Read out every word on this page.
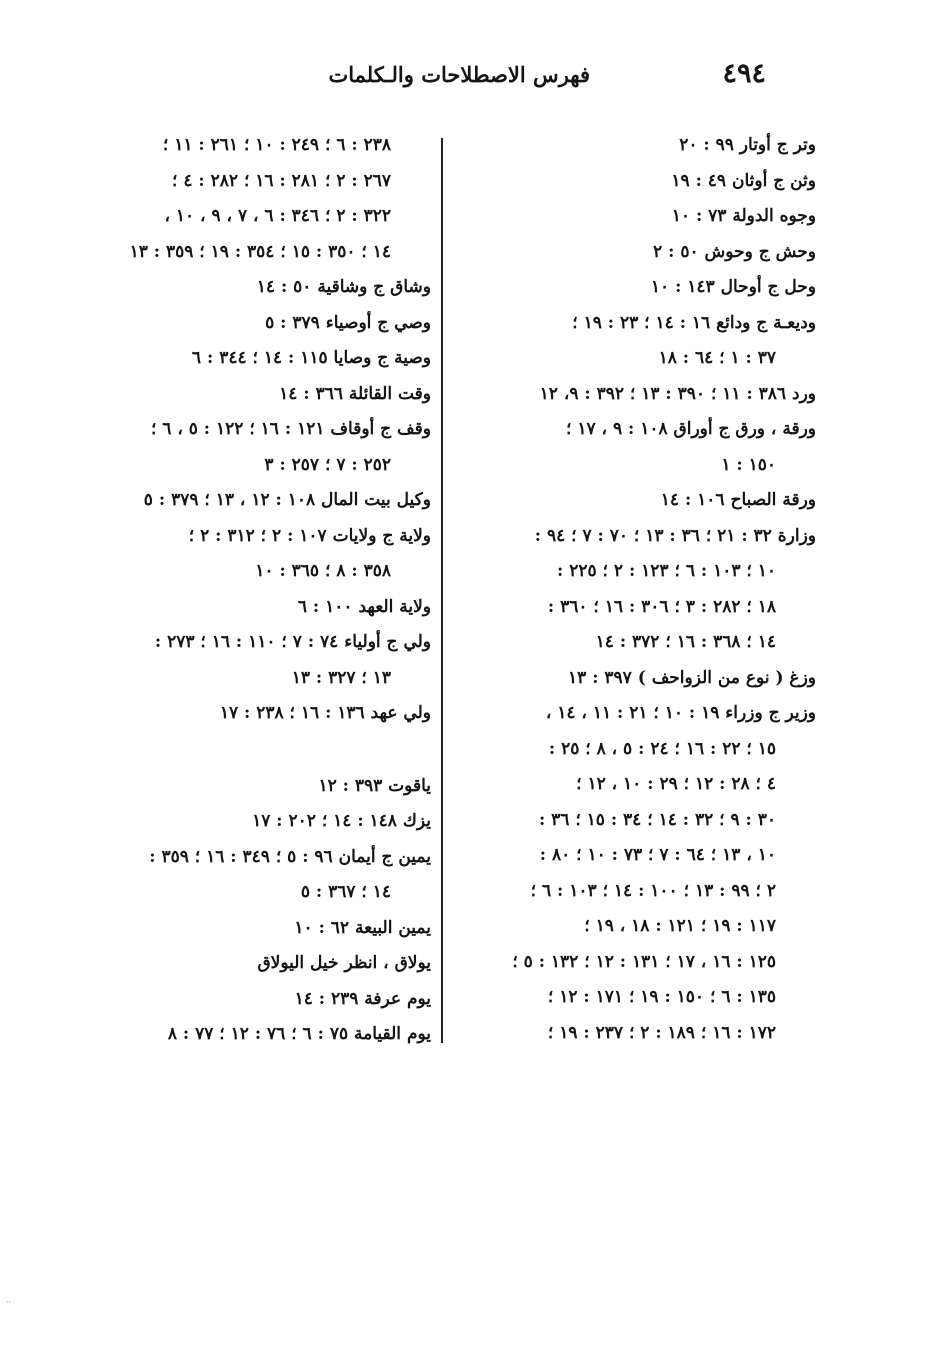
٤٩٤
فهرس الاصطلاحات والـكلمات
وتر ج أوتار ٩٩ : ٢٠
وثن ج أوثان ٤٩ : ١٩
وجوه الدولة ٧٣ : ١٠
وحش ج وحوش ٥٠ : ٢
وحل ج أوحال ١٤٣ : ١٠
وديعـة ج ودائع ١٦ : ١٤ ؛ ٢٣ : ١٩ ؛
٣٧ : ١ ؛ ٦٤ : ١٨
ورد ٣٨٦ : ١١ ؛ ٣٩٠ : ١٣ ؛ ٣٩٢ : ٩، ١٢
ورقة ، ورق ج أوراق ١٠٨ : ٩ ، ١٧ ؛
١٥٠ : ١
ورقة الصباح ١٠٦ : ١٤
وزارة ٣٢ : ٢١ ؛ ٣٦ : ١٣ ؛ ٧٠ : ٧ ؛ ٩٤ :
١٠ ؛ ١٠٣ : ٦ ؛ ١٢٣ : ٢ ؛ ٢٢٥ :
١٨ ؛ ٢٨٢ : ٣ ؛ ٣٠٦ : ١٦ ؛ ٣٦٠ :
١٤ ؛ ٣٦٨ : ١٦ ؛ ٣٧٢ : ١٤
وزغ ( نوع من الزواحف ) ٣٩٧ : ١٣
وزير ج وزراء ١٩ : ١٠ ؛ ٢١ : ١١ ، ١٤ ،
١٥ ؛ ٢٢ : ١٦ ؛ ٢٤ : ٥ ، ٨ ؛ ٢٥ :
٤ ؛ ٢٨ : ١٢ ؛ ٢٩ : ١٠ ، ١٢ ؛
٣٠ : ٩ ؛ ٣٢ : ١٤ ؛ ٣٤ : ١٥ ؛ ٣٦ :
١٠ ، ١٣ ؛ ٦٤ : ٧ ؛ ٧٣ : ١٠ ؛ ٨٠ :
٢ ؛ ٩٩ : ١٣ ؛ ١٠٠ : ١٤ ؛ ١٠٣ : ٦ ؛
١١٧ : ١٩ ؛ ١٢١ : ١٨ ، ١٩ ؛
١٢٥ : ١٦ ، ١٧ ؛ ١٣١ : ١٢ ؛ ١٣٢ : ٥ ؛
١٣٥ : ٦ ؛ ١٥٠ : ١٩ ؛ ١٧١ : ١٢ ؛
١٧٢ : ١٦ ؛ ١٨٩ : ٢ ؛ ٢٣٧ : ١٩ ؛
٢٣٨ : ٦ ؛ ٢٤٩ : ١٠ ؛ ٢٦١ : ١١ ؛
٢٦٧ : ٢ ؛ ٢٨١ : ١٦ ؛ ٢٨٢ : ٤ ؛
٣٢٢ : ٢ ؛ ٣٤٦ : ٦ ، ٧ ، ٩ ، ١٠ ،
١٤ ؛ ٣٥٠ : ١٥ ؛ ٣٥٤ : ١٩ ؛ ٣٥٩ : ١٣
وشاق ج وشاقية ٥٠ : ١٤
وصي ج أوصياء ٣٧٩ : ٥
وصية ج وصايا ١١٥ : ١٤ ؛ ٣٤٤ : ٦
وقت القائلة ٣٦٦ : ١٤
وقف ج أوقاف ١٢١ : ١٦ ؛ ١٢٢ : ٥ ، ٦ ؛
٢٥٢ : ٧ ؛ ٢٥٧ : ٣
وكيل بيت المال ١٠٨ : ١٢ ، ١٣ ؛ ٣٧٩ : ٥
ولاية ج ولايات ١٠٧ : ٢ ؛ ٣١٢ : ٢ ؛
٣٥٨ : ٨ ؛ ٣٦٥ : ١٠
ولاية العهد ١٠٠ : ٦
ولي ج أولياء ٧٤ : ٧ ؛ ١١٠ : ١٦ ؛ ٢٧٣ :
١٣ ؛ ٣٢٧ : ١٣
ولي عهد ١٣٦ : ١٦ ؛ ٢٣٨ : ١٧
ياقوت ٣٩٣ : ١٢
يزك ١٤٨ : ١٤ ؛ ٢٠٢ : ١٧
يمين ج أيمان ٩٦ : ٥ ؛ ٣٤٩ : ١٦ ؛ ٣٥٩ :
١٤ ؛ ٣٦٧ : ٥
يمين البيعة ٦٢ : ١٠
يولاق ، انظر خيل اليولاق
يوم عرفة ٢٣٩ : ١٤
يوم القيامة ٧٥ : ٦ ؛ ٧٦ : ١٢ ؛ ٧٧ : ٨
··
